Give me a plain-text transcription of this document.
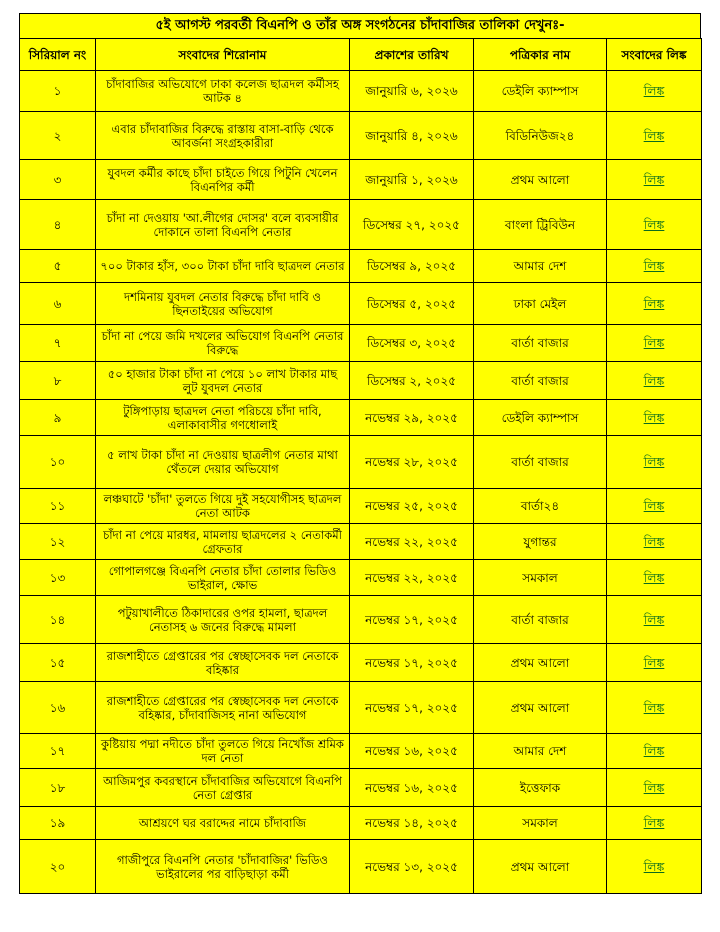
৫ই আগস্ট পরবর্তী বিএনপি ও তাঁর অঙ্গ সংগঠনের চাঁদাবাজির তালিকা দেখুনঃ-
সিরিয়াল নং	সংবাদের শিরোনাম	প্রকাশের তারিখ	পত্রিকার নাম	সংবাদের লিঙ্ক
১	চাঁদাবাজির অভিযোগে ঢাকা কলেজ ছাত্রদল কর্মীসহ আটক ৪	জানুয়ারি ৬, ২০২৬	ডেইলি ক্যাম্পাস	লিঙ্ক
২	এবার চাঁদাবাজির বিরুদ্ধে রাস্তায় বাসা-বাড়ি থেকে আবর্জনা সংগ্রহকারীরা	জানুয়ারি ৪, ২০২৬	বিডিনিউজ২৪	লিঙ্ক
৩	যুবদল কর্মীর কাছে চাঁদা চাইতে গিয়ে পিটুনি খেলেন বিএনপির কর্মী	জানুয়ারি ১, ২০২৬	প্রথম আলো	লিঙ্ক
৪	চাঁদা না দেওয়ায় 'আ.লীগের দোসর' বলে ব্যবসায়ীর দোকানে তালা বিএনপি নেতার	ডিসেম্বর ২৭, ২০২৫	বাংলা ট্রিবিউন	লিঙ্ক
৫	৭০০ টাকার হাঁস, ৩০০ টাকা চাঁদা দাবি ছাত্রদল নেতার	ডিসেম্বর ৯, ২০২৫	আমার দেশ	লিঙ্ক
৬	দশমিনায় যুবদল নেতার বিরুদ্ধে চাঁদা দাবি ও ছিনতাইয়ের অভিযোগ	ডিসেম্বর ৫, ২০২৫	ঢাকা মেইল	লিঙ্ক
৭	চাঁদা না পেয়ে জমি দখলের অভিযোগ বিএনপি নেতার বিরুদ্ধে	ডিসেম্বর ৩, ২০২৫	বার্তা বাজার	লিঙ্ক
৮	৫০ হাজার টাকা চাঁদা না পেয়ে ১০ লাখ টাকার মাছ লুট যুবদল নেতার	ডিসেম্বর ২, ২০২৫	বার্তা বাজার	লিঙ্ক
৯	টুঙ্গিপাড়ায় ছাত্রদল নেতা পরিচয়ে চাঁদা দাবি, এলাকাবাসীর গণধোলাই	নভেম্বর ২৯, ২০২৫	ডেইলি ক্যাম্পাস	লিঙ্ক
১০	৫ লাখ টাকা চাঁদা না দেওয়ায় ছাত্রলীগ নেতার মাথা থেঁতলে দেয়ার অভিযোগ	নভেম্বর ২৮, ২০২৫	বার্তা বাজার	লিঙ্ক
১১	লঞ্চঘাটে 'চাঁদা' তুলতে গিয়ে দুই সহযোগীসহ ছাত্রদল নেতা আটক	নভেম্বর ২৫, ২০২৫	বার্তা২৪	লিঙ্ক
১২	চাঁদা না পেয়ে মারধর, মামলায় ছাত্রদলের ২ নেতাকর্মী গ্রেফতার	নভেম্বর ২২, ২০২৫	যুগান্তর	লিঙ্ক
১৩	গোপালগঞ্জে বিএনপি নেতার চাঁদা তোলার ভিডিও ভাইরাল, ক্ষোভ	নভেম্বর ২২, ২০২৫	সমকাল	লিঙ্ক
১৪	পটুয়াখালীতে ঠিকাদারের ওপর হামলা, ছাত্রদল নেতাসহ ৬ জনের বিরুদ্ধে মামলা	নভেম্বর ১৭, ২০২৫	বার্তা বাজার	লিঙ্ক
১৫	রাজশাহীতে গ্রেপ্তারের পর স্বেচ্ছাসেবক দল নেতাকে বহিষ্কার	নভেম্বর ১৭, ২০২৫	প্রথম আলো	লিঙ্ক
১৬	রাজশাহীতে গ্রেপ্তারের পর স্বেচ্ছাসেবক দল নেতাকে বহিষ্কার, চাঁদাবাজিসহ নানা অভিযোগ	নভেম্বর ১৭, ২০২৫	প্রথম আলো	লিঙ্ক
১৭	কুষ্টিয়ায় পদ্মা নদীতে চাঁদা তুলতে গিয়ে নিখোঁজ শ্রমিক দল নেতা	নভেম্বর ১৬, ২০২৫	আমার দেশ	লিঙ্ক
১৮	আজিমপুর কবরস্থানে চাঁদাবাজির অভিযোগে বিএনপি নেতা গ্রেপ্তার	নভেম্বর ১৬, ২০২৫	ইত্তেফাক	লিঙ্ক
১৯	আশ্রয়ণে ঘর বরাদ্দের নামে চাঁদাবাজি	নভেম্বর ১৪, ২০২৫	সমকাল	লিঙ্ক
২০	গাজীপুরে বিএনপি নেতার 'চাঁদাবাজির' ভিডিও ভাইরালের পর বাড়িছাড়া কর্মী	নভেম্বর ১৩, ২০২৫	প্রথম আলো	লিঙ্ক
